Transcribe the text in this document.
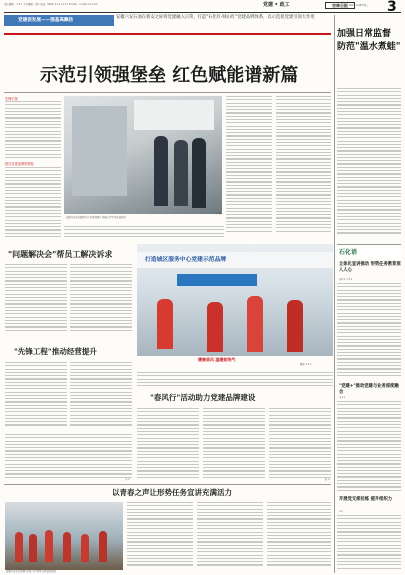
责任编辑：王×× 美术编辑：刘× 电话：0431-××××××× E-mail：××@×××.com	党建 • 政工	吉林日报 2025.3.26星期三	3
党建促发展——强基高飘扬
安徽六安石油在新安之际将党建融入日常，打造"石化红·映山红"党建品牌体系，以示范促党建引领大作用
示范引领强堡垒 红色赋能谱新篇
先锋引领
根在党建战网络领航
安徽六安石油组织员工参观党建工作展示厅学习先进经验
加强日常监督 防范"温水煮蛙"
石化语
立体化宣讲推动 形势任务教育深入人心
刘×× 王××
"党建+"推动党建与业务深度融合
吴××
开展党支部拉练 提升组织力
××
"问题解决会"帮员工解决诉求
打造城区服务中心党建示范品牌
德兼美风 温暖前线气
摄影 ×××
"先锋工程"推动经营提升
"春风行"活动助力党建品牌建设
以青春之声让形势任务宣讲充满活力
安徽六安石油开展"青春之声"形势任务宣讲活动
王 鹏
李 ×	赵 ×
